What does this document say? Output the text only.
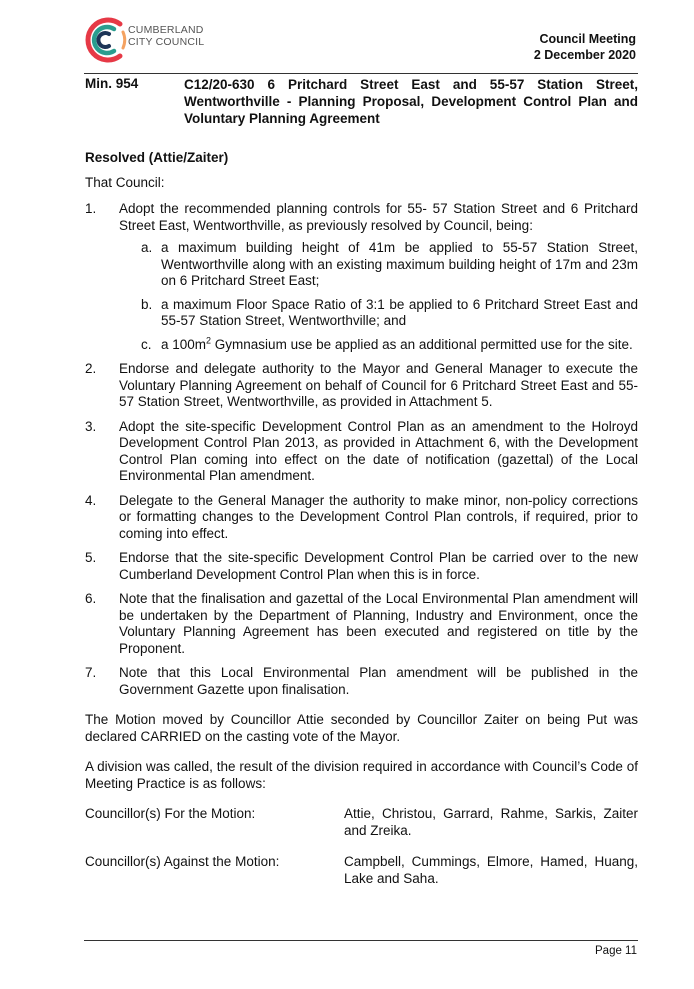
CUMBERLAND
CITY COUNCIL	Council Meeting
2 December 2020
Min. 954	C12/20-630 6 Pritchard Street East and 55-57 Station Street, Wentworthville - Planning Proposal, Development Control Plan and Voluntary Planning Agreement
Resolved (Attie/Zaiter)
That Council:
1. Adopt the recommended planning controls for 55- 57 Station Street and 6 Pritchard Street East, Wentworthville, as previously resolved by Council, being:
a. a maximum building height of 41m be applied to 55-57 Station Street, Wentworthville along with an existing maximum building height of 17m and 23m on 6 Pritchard Street East;
b. a maximum Floor Space Ratio of 3:1 be applied to 6 Pritchard Street East and 55-57 Station Street, Wentworthville; and
c. a $100m^2$ Gymnasium use be applied as an additional permitted use for the site.
2. Endorse and delegate authority to the Mayor and General Manager to execute the Voluntary Planning Agreement on behalf of Council for 6 Pritchard Street East and 55-57 Station Street, Wentworthville, as provided in Attachment 5.
3. Adopt the site-specific Development Control Plan as an amendment to the Holroyd Development Control Plan 2013, as provided in Attachment 6, with the Development Control Plan coming into effect on the date of notification (gazettal) of the Local Environmental Plan amendment.
4. Delegate to the General Manager the authority to make minor, non-policy corrections or formatting changes to the Development Control Plan controls, if required, prior to coming into effect.
5. Endorse that the site-specific Development Control Plan be carried over to the new Cumberland Development Control Plan when this is in force.
6. Note that the finalisation and gazettal of the Local Environmental Plan amendment will be undertaken by the Department of Planning, Industry and Environment, once the Voluntary Planning Agreement has been executed and registered on title by the Proponent.
7. Note that this Local Environmental Plan amendment will be published in the Government Gazette upon finalisation.

The Motion moved by Councillor Attie seconded by Councillor Zaiter on being Put was declared CARRIED on the casting vote of the Mayor.

A division was called, the result of the division required in accordance with Council’s Code of Meeting Practice is as follows:

Councillor(s) For the Motion:	Attie, Christou, Garrard, Rahme, Sarkis, Zaiter and Zreika.
Councillor(s) Against the Motion:	Campbell, Cummings, Elmore, Hamed, Huang, Lake and Saha.
Page 11
